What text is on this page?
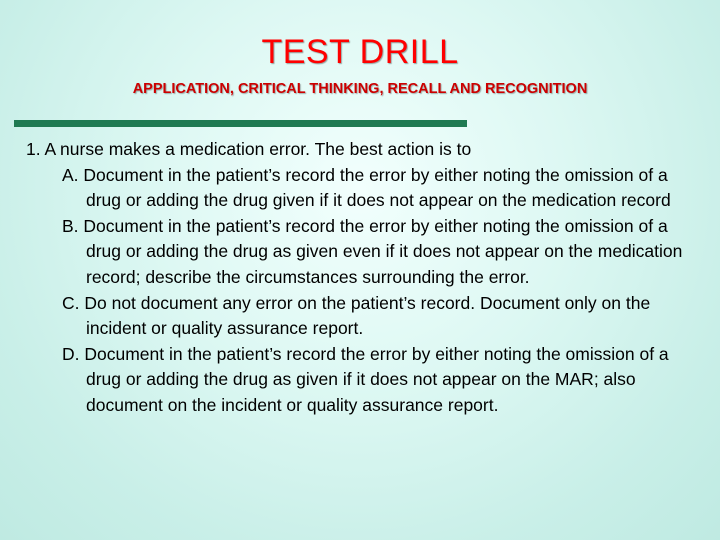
TEST DRILL
APPLICATION, CRITICAL THINKING, RECALL AND RECOGNITION

1. A nurse makes a medication error. The best action is to

A. Document in the patient’s record the error by either noting the omission of a drug or adding the drug given if it does not appear on the medication record

B. Document in the patient’s record the error by either noting the omission of a drug or adding the drug as given even if it does not appear on the medication record; describe the circumstances surrounding the error.

C. Do not document any error on the patient’s record. Document only on the incident or quality assurance report.

D. Document in the patient’s record the error by either noting the omission of a drug or adding the drug as given if it does not appear on the MAR; also document on the incident or quality assurance report.
